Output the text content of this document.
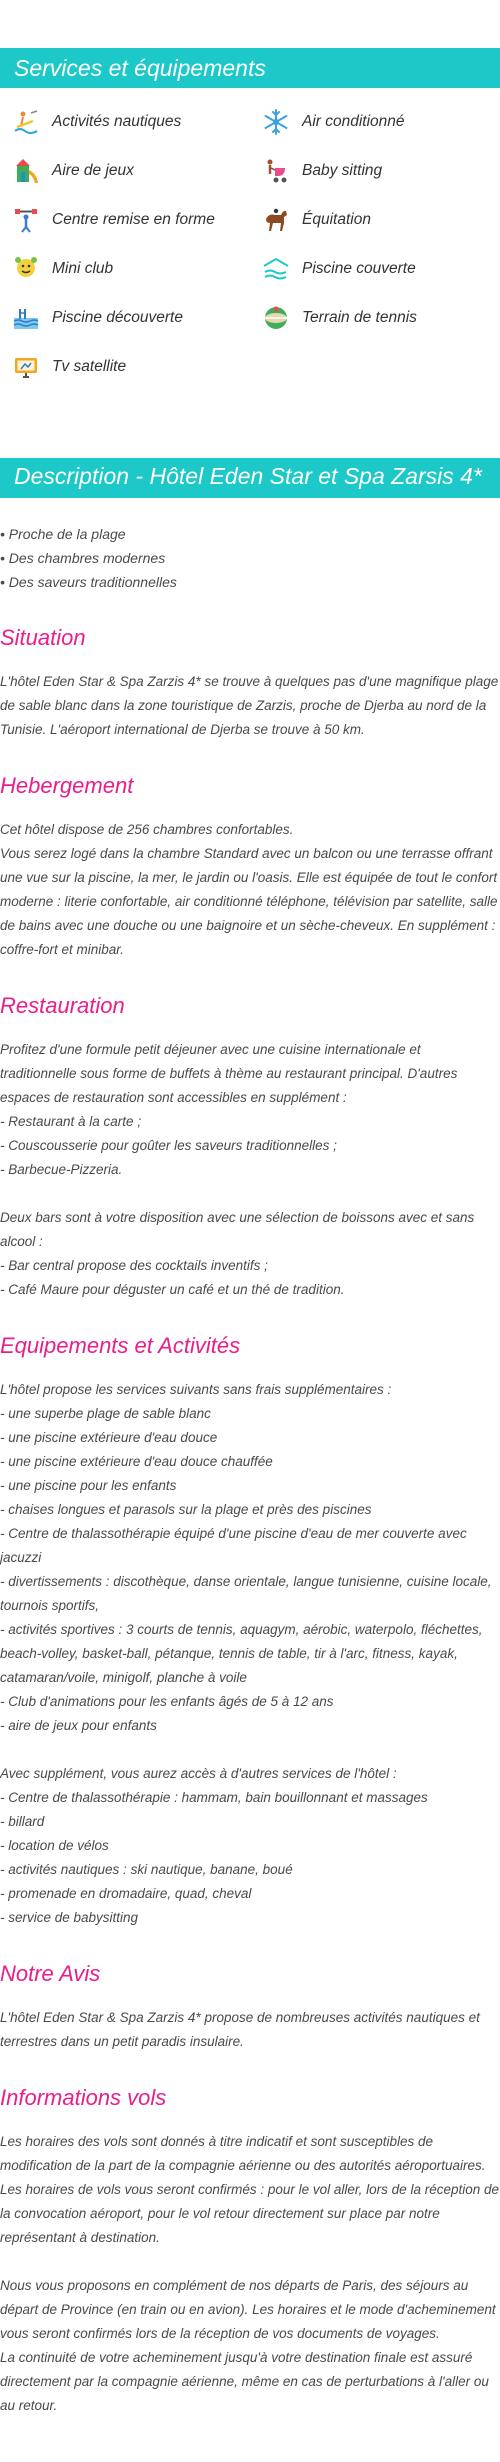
Services et équipements
Activités nautiques	Air conditionné
Aire de jeux	Baby sitting
Centre remise en forme	Équitation
Mini club	Piscine couverte
Piscine découverte	Terrain de tennis
Tv satellite
Description - Hôtel Eden Star et Spa Zarsis 4*
• Proche de la plage
• Des chambres modernes
• Des saveurs traditionnelles
Situation

L'hôtel Eden Star & Spa Zarzis 4* se trouve à quelques pas d'une magnifique plage de sable blanc dans la zone touristique de Zarzis, proche de Djerba au nord de la Tunisie. L'aéroport international de Djerba se trouve à 50 km.

Hebergement

Cet hôtel dispose de 256 chambres confortables.
Vous serez logé dans la chambre Standard avec un balcon ou une terrasse offrant une vue sur la piscine, la mer, le jardin ou l'oasis. Elle est équipée de tout le confort moderne : literie confortable, air conditionné téléphone, télévision par satellite, salle de bains avec une douche ou une baignoire et un sèche-cheveux. En supplément : coffre-fort et minibar.

Restauration

Profitez d'une formule petit déjeuner avec une cuisine internationale et traditionnelle sous forme de buffets à thème au restaurant principal. D'autres espaces de restauration sont accessibles en supplément :
- Restaurant à la carte ;
- Couscousserie pour goûter les saveurs traditionnelles ;
- Barbecue-Pizzeria.

Deux bars sont à votre disposition avec une sélection de boissons avec et sans alcool :
- Bar central propose des cocktails inventifs ;
- Café Maure pour déguster un café et un thé de tradition.

Equipements et Activités

L'hôtel propose les services suivants sans frais supplémentaires :
- une superbe plage de sable blanc
- une piscine extérieure d'eau douce
- une piscine extérieure d'eau douce chauffée
- une piscine pour les enfants
- chaises longues et parasols sur la plage et près des piscines
- Centre de thalassothérapie équipé d'une piscine d'eau de mer couverte avec jacuzzi
- divertissements : discothèque, danse orientale, langue tunisienne, cuisine locale, tournois sportifs,
- activités sportives : 3 courts de tennis, aquagym, aérobic, waterpolo, fléchettes, beach-volley, basket-ball, pétanque, tennis de table, tir à l'arc, fitness, kayak, catamaran/voile, minigolf, planche à voile
- Club d'animations pour les enfants âgés de 5 à 12 ans
- aire de jeux pour enfants

Avec supplément, vous aurez accès à d'autres services de l'hôtel :
- Centre de thalassothérapie : hammam, bain bouillonnant et massages
- billard
- location de vélos
- activités nautiques : ski nautique, banane, boué
- promenade en dromadaire, quad, cheval
- service de babysitting

Notre Avis

L'hôtel Eden Star & Spa Zarzis 4* propose de nombreuses activités nautiques et terrestres dans un petit paradis insulaire.

Informations vols

Les horaires des vols sont donnés à titre indicatif et sont susceptibles de modification de la part de la compagnie aérienne ou des autorités aéroportuaires.
Les horaires de vols vous seront confirmés : pour le vol aller, lors de la réception de la convocation aéroport, pour le vol retour directement sur place par notre représentant à destination.

Nous vous proposons en complément de nos départs de Paris, des séjours au départ de Province (en train ou en avion). Les horaires et le mode d'acheminement vous seront confirmés lors de la réception de vos documents de voyages.
La continuité de votre acheminement jusqu'à votre destination finale est assuré directement par la compagnie aérienne, même en cas de perturbations à l'aller ou au retour.
